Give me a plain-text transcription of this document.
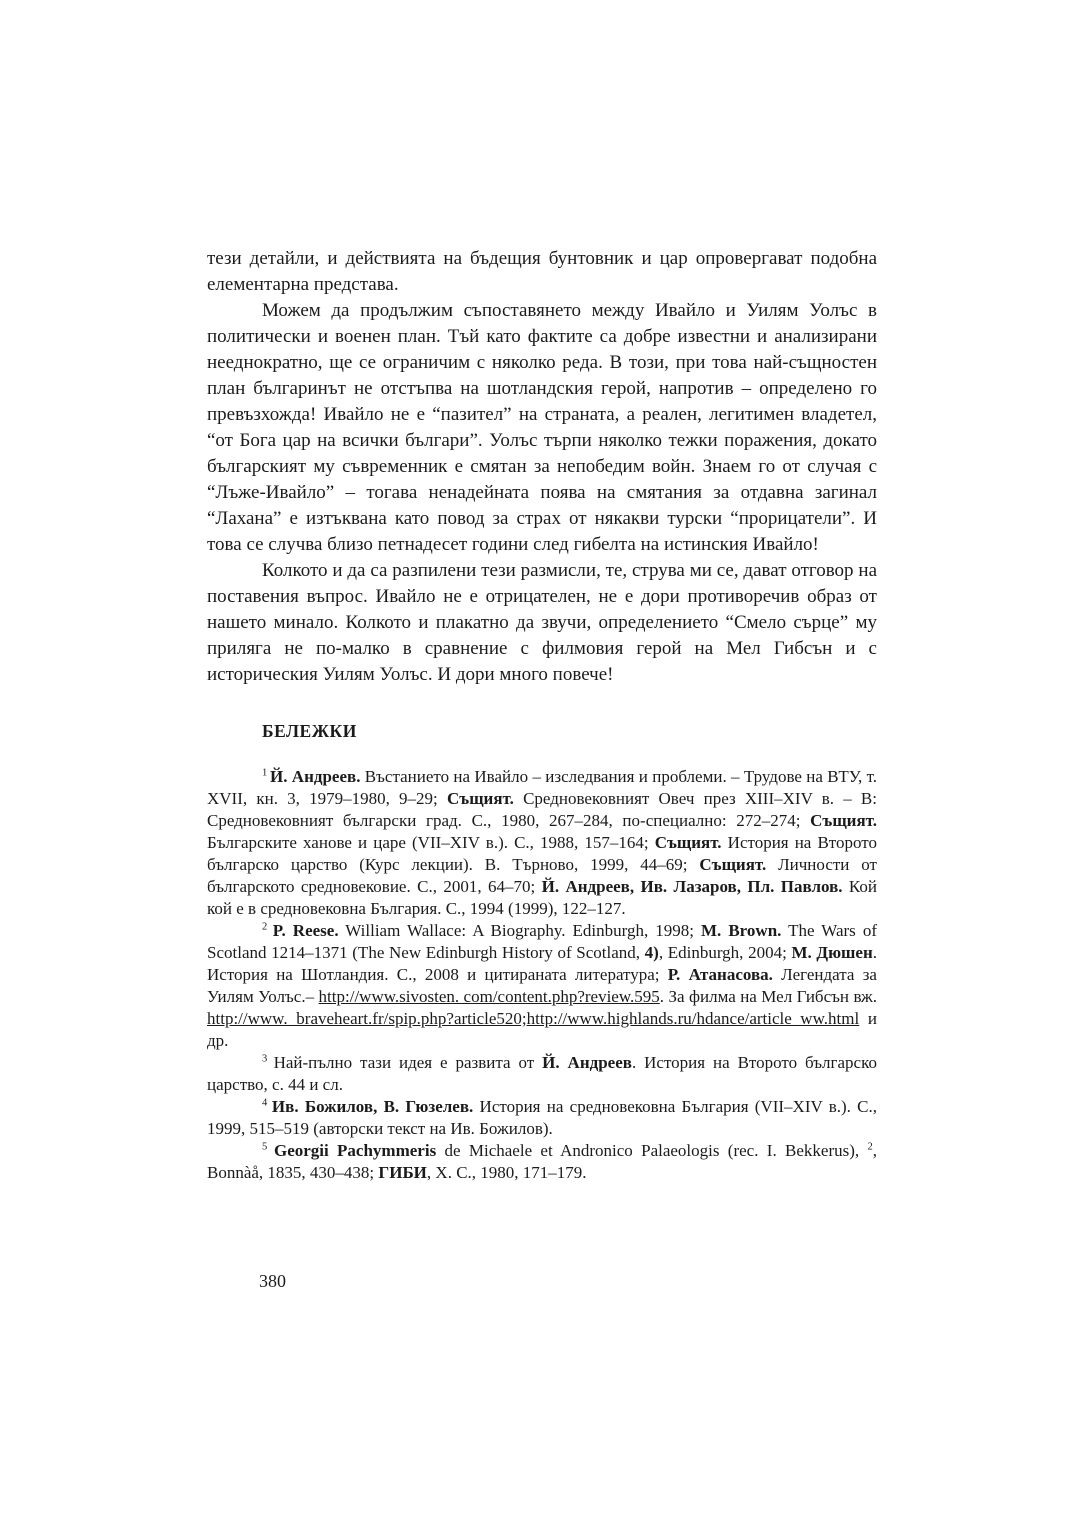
тези детайли, и действията на бъдещия бунтовник и цар опровергават подобна елементарна представа.

Можем да продължим съпоставянето между Ивайло и Уилям Уолъс в политически и военен план. Тъй като фактите са добре известни и анализирани нееднократно, ще се ограничим с няколко реда. В този, при това най-същностен план българинът не отстъпва на шотландския герой, напротив – определено го превъзхожда! Ивайло не е “пазител” на страната, а реален, легитимен владетел, “от Бога цар на всички българи”. Уолъс търпи няколко тежки поражения, докато българският му съвременник е смятан за непобедим войн. Знаем го от случая с “Лъже-Ивайло” – тогава ненадейната поява на смятания за отдавна загинал “Лахана” е изтъквана като повод за страх от някакви турски “прорицатели”. И това се случва близо петнадесет години след гибелта на истинския Ивайло!

Колкото и да са разпилени тези размисли, те, струва ми се, дават отговор на поставения въпрос. Ивайло не е отрицателен, не е дори противоречив образ от нашето минало. Колкото и плакатно да звучи, определението “Смело сърце” му приляга не по-малко в сравнение с филмовия герой на Мел Гибсън и с историческия Уилям Уолъс. И дори много повече!

БЕЛЕЖКИ

$^1$ Й. Андреев. Въстанието на Ивайло – изследвания и проблеми. – Трудове на ВТУ, т. XVII, кн. 3, 1979–1980, 9–29; Същият. Средновековният Овеч през XIII–XIV в. – В: Средновековният български град. С., 1980, 267–284, по-специално: 272–274; Същият. Българските ханове и царе (VII–XIV в.). С., 1988, 157–164; Същият. История на Второто българско царство (Курс лекции). В. Търново, 1999, 44–69; Същият. Личности от българското средновековие. С., 2001, 64–70; Й. Андреев, Ив. Лазаров, Пл. Павлов. Кой кой е в средновековна България. С., 1994 (1999), 122–127.

$^2$ P. Reese. William Wallace: A Biography. Edinburgh, 1998; M. Brown. The Wars of Scotland 1214–1371 (The New Edinburgh History of Scotland, 4), Edinburgh, 2004; М. Дюшен. История на Шотландия. С., 2008 и цитираната литература; Р. Атанасова. Легендата за Уилям Уолъс.– http://www.sivosten. com/content.php?review.595. За филма на Мел Гибсън вж. http://www. braveheart.fr/spip.php?article520;http://www.highlands.ru/hdance/article_ww.html и др.

$^3$ Най-пълно тази идея е развита от Й. Андреев. История на Второто българско царство, с. 44 и сл.

$^4$ Ив. Божилов, В. Гюзелев. История на средновековна България (VII–XIV в.). С., 1999, 515–519 (авторски текст на Ив. Божилов).

$^5$ Georgii Pachymmeris de Michaele et Andronico Palaeologis (rec. I. Bekkerus), $^2$, Bonnàå, 1835, 430–438; ГИБИ, Х. С., 1980, 171–179.

380
